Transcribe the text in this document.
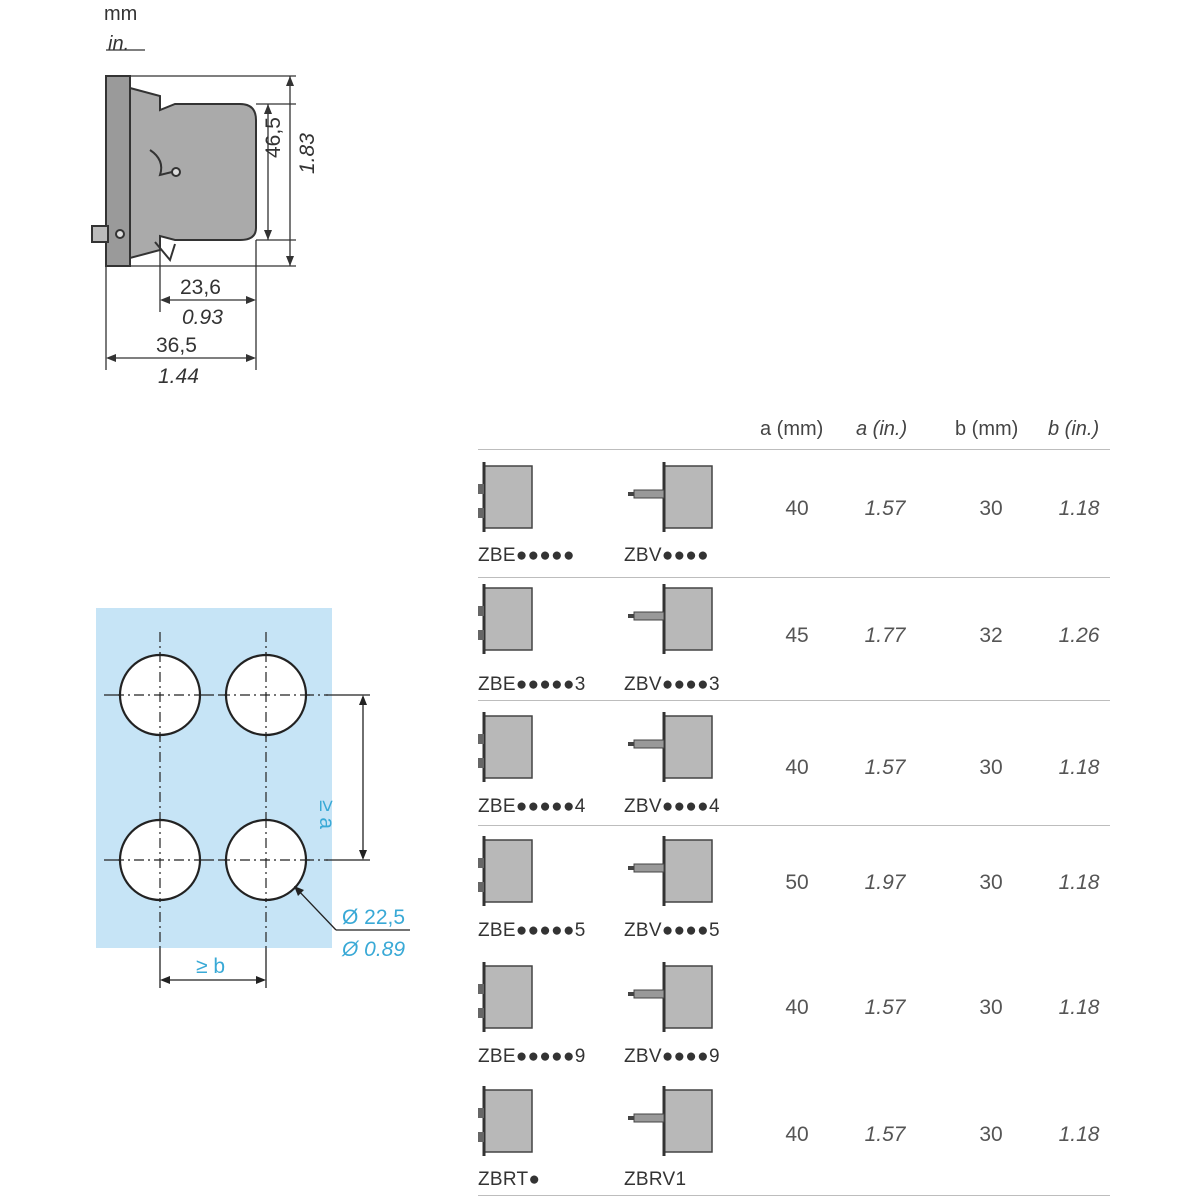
mm
in.
46,5 1.83
23,6
0.93
36,5
1.44
≥ a
≥ b
Ø 22,5
Ø 0.89
a (mm) a (in.) b (mm) b (in.)
ZBE●●●●●	ZBV●●●●
40	1.57	30	1.18
ZBE●●●●●3 ZBV●●●●3
45	1.77	32	1.26
ZBE●●●●●4 ZBV●●●●4
40	1.57	30	1.18
ZBE●●●●●5 ZBV●●●●5
50	1.97	30	1.18
ZBE●●●●●9 ZBV●●●●9
40	1.57	30	1.18
ZBRT●	ZBRV1
40	1.57	30	1.18
